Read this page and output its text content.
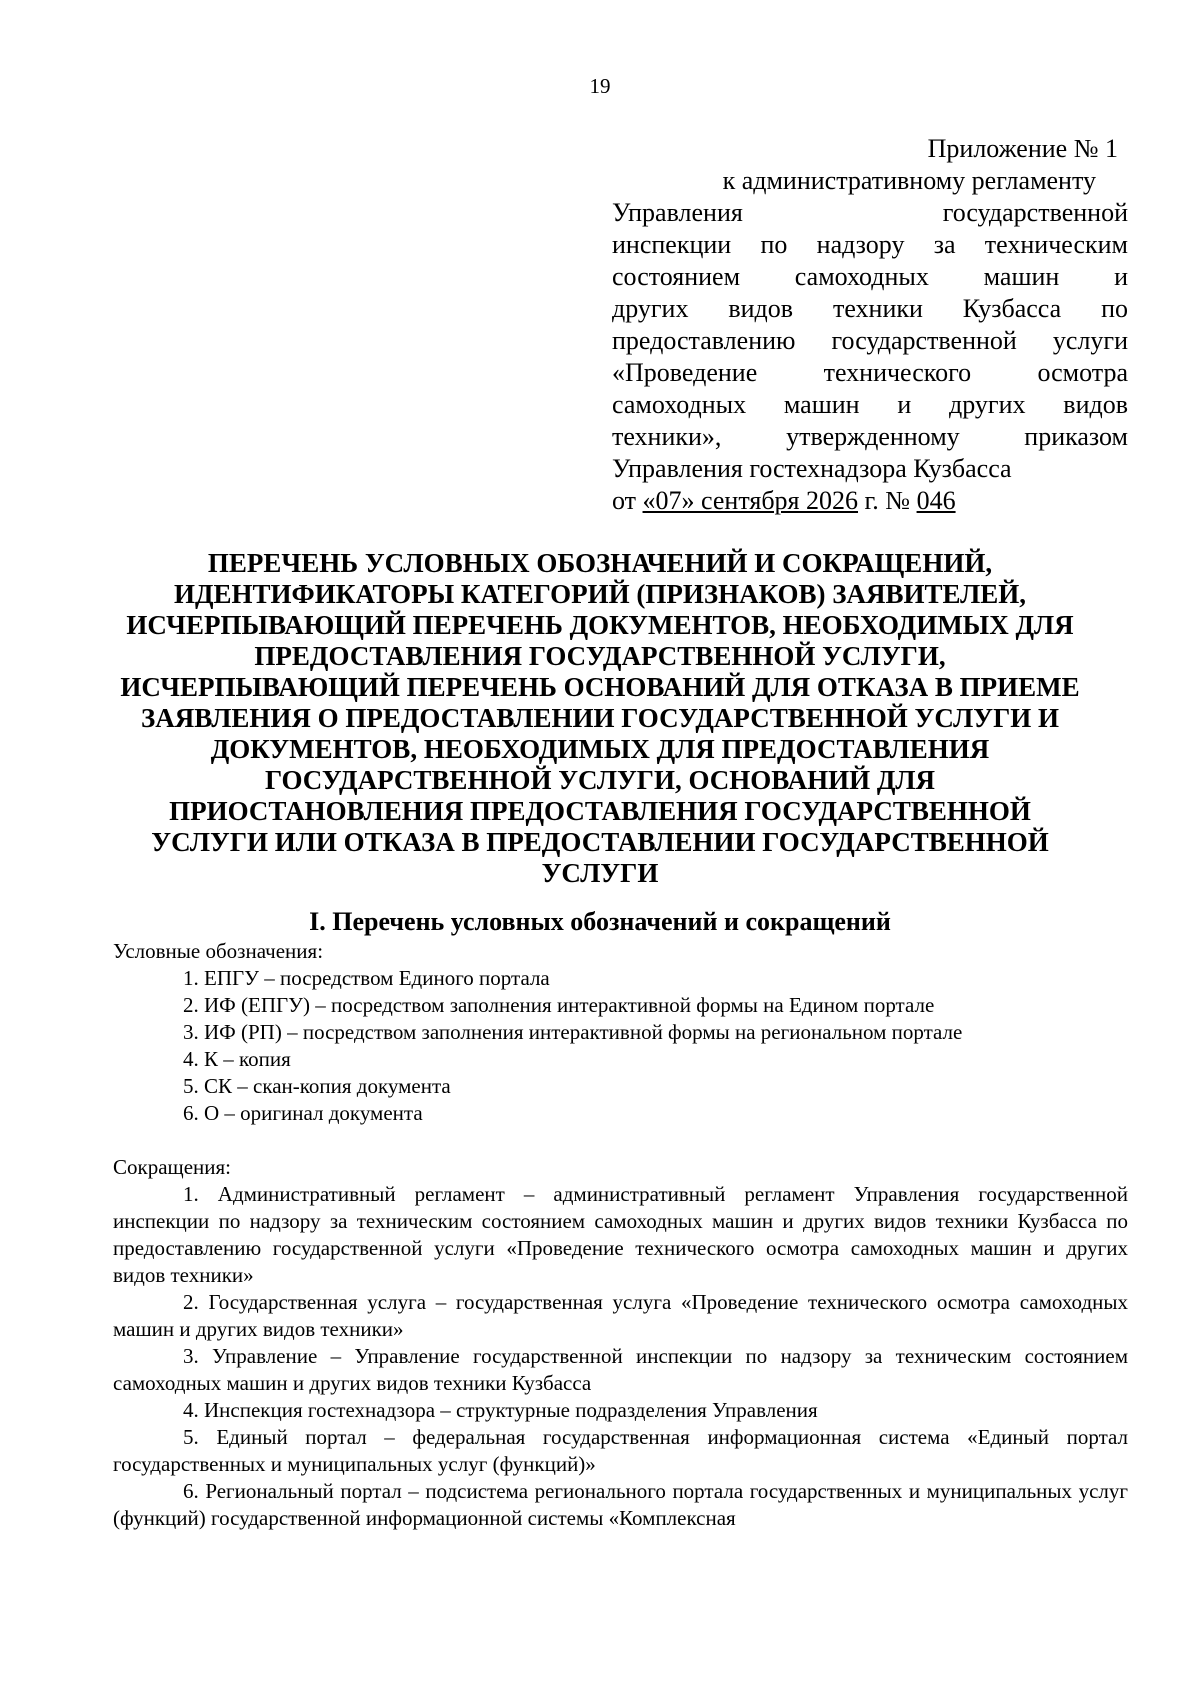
19
Приложение № 1
к административному регламенту
Управления государственной
инспекции по надзору за техническим
состоянием самоходных машин и
других видов техники Кузбасса по
предоставлению государственной услуги
«Проведение технического осмотра
самоходных машин и других видов
техники», утвержденному приказом
Управления гостехнадзора Кузбасса
от «07» сентября 2026 г. № 046
ПЕРЕЧЕНЬ УСЛОВНЫХ ОБОЗНАЧЕНИЙ И СОКРАЩЕНИЙ,
ИДЕНТИФИКАТОРЫ КАТЕГОРИЙ (ПРИЗНАКОВ) ЗАЯВИТЕЛЕЙ,
ИСЧЕРПЫВАЮЩИЙ ПЕРЕЧЕНЬ ДОКУМЕНТОВ, НЕОБХОДИМЫХ ДЛЯ
ПРЕДОСТАВЛЕНИЯ ГОСУДАРСТВЕННОЙ УСЛУГИ,
ИСЧЕРПЫВАЮЩИЙ ПЕРЕЧЕНЬ ОСНОВАНИЙ ДЛЯ ОТКАЗА В ПРИЕМЕ
ЗАЯВЛЕНИЯ О ПРЕДОСТАВЛЕНИИ ГОСУДАРСТВЕННОЙ УСЛУГИ И
ДОКУМЕНТОВ, НЕОБХОДИМЫХ ДЛЯ ПРЕДОСТАВЛЕНИЯ
ГОСУДАРСТВЕННОЙ УСЛУГИ, ОСНОВАНИЙ ДЛЯ
ПРИОСТАНОВЛЕНИЯ ПРЕДОСТАВЛЕНИЯ ГОСУДАРСТВЕННОЙ
УСЛУГИ ИЛИ ОТКАЗА В ПРЕДОСТАВЛЕНИИ ГОСУДАРСТВЕННОЙ
УСЛУГИ
I. Перечень условных обозначений и сокращений

Условные обозначения:

1. ЕПГУ – посредством Единого портала
2. ИФ (ЕПГУ) – посредством заполнения интерактивной формы на Едином портале
3. ИФ (РП) – посредством заполнения интерактивной формы на региональном портале
4. К – копия
5. СК – скан-копия документа
6. О – оригинал документа

Сокращения:

1. Административный регламент – административный регламент Управления государственной инспекции по надзору за техническим состоянием самоходных машин и других видов техники Кузбасса по предоставлению государственной услуги «Проведение технического осмотра самоходных машин и других видов техники»

2. Государственная услуга – государственная услуга «Проведение технического осмотра самоходных машин и других видов техники»

3. Управление – Управление государственной инспекции по надзору за техническим состоянием самоходных машин и других видов техники Кузбасса

4. Инспекция гостехнадзора – структурные подразделения Управления

5. Единый портал – федеральная государственная информационная система «Единый портал государственных и муниципальных услуг (функций)»

6. Региональный портал – подсистема регионального портала государственных и муниципальных услуг (функций) государственной информационной системы «Комплексная
